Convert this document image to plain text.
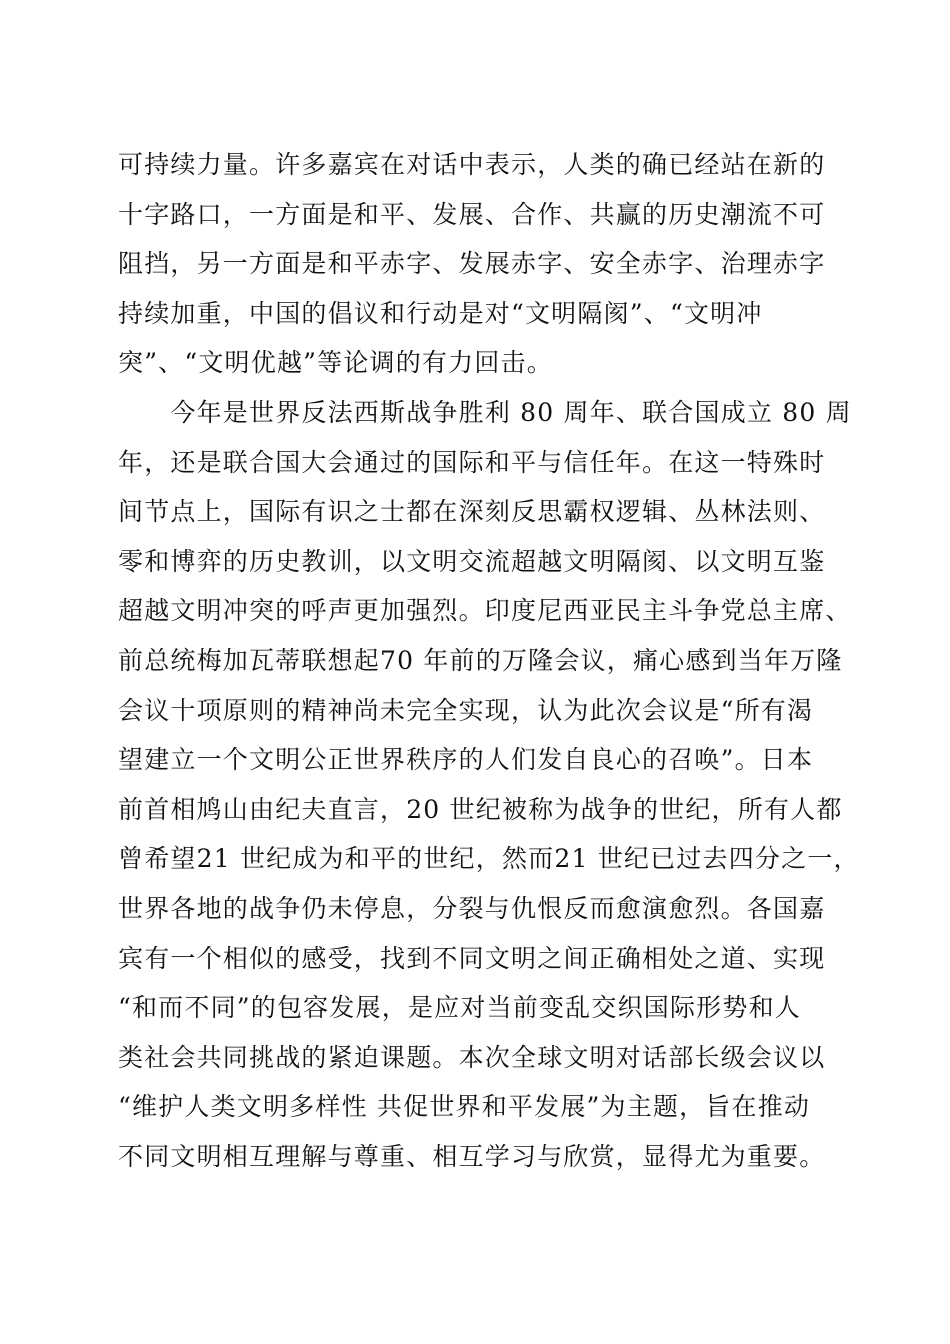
可持续力量。许多嘉宾在对话中表示，人类的确已经站在新的
十字路口，一方面是和平、发展、合作、共赢的历史潮流不可
阻挡，另一方面是和平赤字、发展赤字、安全赤字、治理赤字
持续加重，中国的倡议和行动是对“文明隔阂”、“文明冲
突”、“文明优越”等论调的有力回击。
　　今年是世界反法西斯战争胜利 80 周年、联合国成立 80 周
年，还是联合国大会通过的国际和平与信任年。在这一特殊时
间节点上，国际有识之士都在深刻反思霸权逻辑、丛林法则、
零和博弈的历史教训，以文明交流超越文明隔阂、以文明互鉴
超越文明冲突的呼声更加强烈。印度尼西亚民主斗争党总主席、
前总统梅加瓦蒂联想起70 年前的万隆会议，痛心感到当年万隆
会议十项原则的精神尚未完全实现，认为此次会议是“所有渴
望建立一个文明公正世界秩序的人们发自良心的召唤”。日本
前首相鸠山由纪夫直言，20 世纪被称为战争的世纪，所有人都
曾希望21 世纪成为和平的世纪，然而21 世纪已过去四分之一，
世界各地的战争仍未停息，分裂与仇恨反而愈演愈烈。各国嘉
宾有一个相似的感受，找到不同文明之间正确相处之道、实现
“和而不同”的包容发展，是应对当前变乱交织国际形势和人
类社会共同挑战的紧迫课题。本次全球文明对话部长级会议以
“维护人类文明多样性 共促世界和平发展”为主题，旨在推动
不同文明相互理解与尊重、相互学习与欣赏，显得尤为重要。
